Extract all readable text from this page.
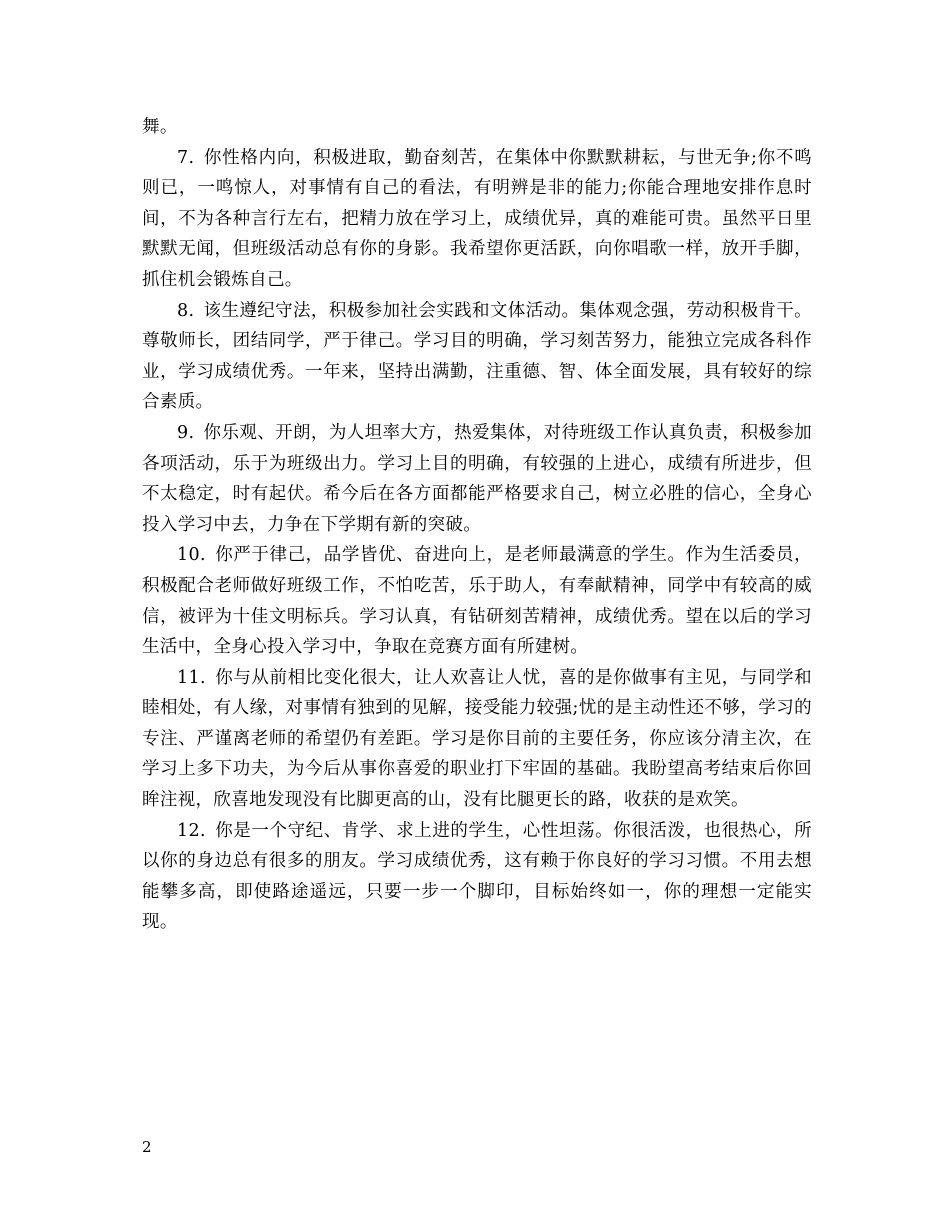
舞。

7. 你性格内向，积极进取，勤奋刻苦，在集体中你默默耕耘，与世无争;你不鸣则已，一鸣惊人，对事情有自己的看法，有明辨是非的能力;你能合理地安排作息时间，不为各种言行左右，把精力放在学习上，成绩优异，真的难能可贵。虽然平日里默默无闻，但班级活动总有你的身影。我希望你更活跃，向你唱歌一样，放开手脚，抓住机会锻炼自己。

8. 该生遵纪守法，积极参加社会实践和文体活动。集体观念强，劳动积极肯干。尊敬师长，团结同学，严于律己。学习目的明确，学习刻苦努力，能独立完成各科作业，学习成绩优秀。一年来，坚持出满勤，注重德、智、体全面发展，具有较好的综合素质。

9. 你乐观、开朗，为人坦率大方，热爱集体，对待班级工作认真负责，积极参加各项活动，乐于为班级出力。学习上目的明确，有较强的上进心，成绩有所进步，但不太稳定，时有起伏。希今后在各方面都能严格要求自己，树立必胜的信心，全身心投入学习中去，力争在下学期有新的突破。

10. 你严于律己，品学皆优、奋进向上，是老师最满意的学生。作为生活委员，积极配合老师做好班级工作，不怕吃苦，乐于助人，有奉献精神，同学中有较高的威信，被评为十佳文明标兵。学习认真，有钻研刻苦精神，成绩优秀。望在以后的学习生活中，全身心投入学习中，争取在竞赛方面有所建树。

11. 你与从前相比变化很大，让人欢喜让人忧，喜的是你做事有主见，与同学和睦相处，有人缘，对事情有独到的见解，接受能力较强;忧的是主动性还不够，学习的专注、严谨离老师的希望仍有差距。学习是你目前的主要任务，你应该分清主次，在学习上多下功夫，为今后从事你喜爱的职业打下牢固的基础。我盼望高考结束后你回眸注视，欣喜地发现没有比脚更高的山，没有比腿更长的路，收获的是欢笑。

12. 你是一个守纪、肯学、求上进的学生，心性坦荡。你很活泼，也很热心，所以你的身边总有很多的朋友。学习成绩优秀，这有赖于你良好的学习习惯。不用去想能攀多高，即使路途遥远，只要一步一个脚印，目标始终如一，你的理想一定能实现。

2
